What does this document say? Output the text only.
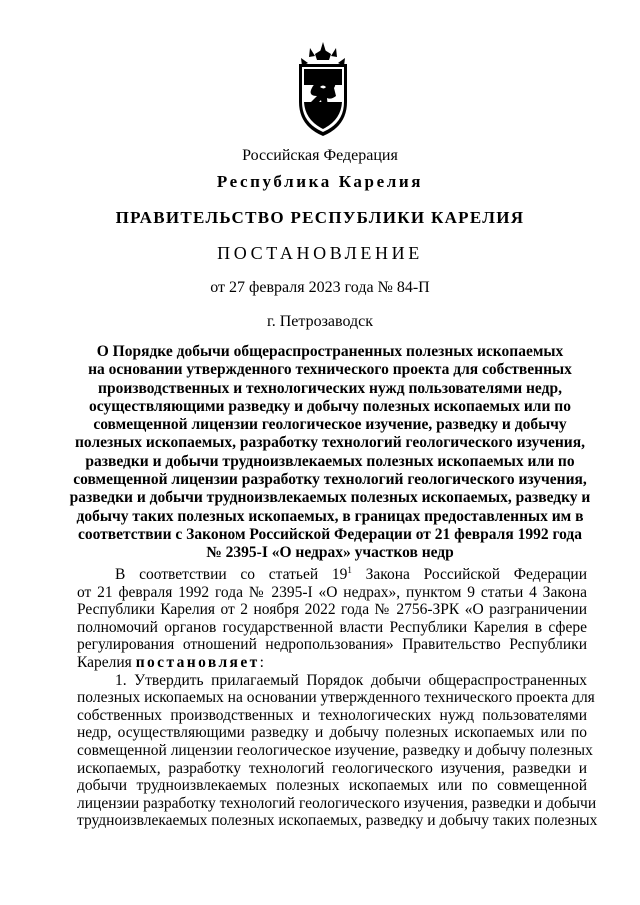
Российская Федерация
Республика Карелия
ПРАВИТЕЛЬСТВО РЕСПУБЛИКИ КАРЕЛИЯ
ПОСТАНОВЛЕНИЕ
от 27 февраля 2023 года № 84-П
г. Петрозаводск
О Порядке добычи общераспространенных полезных ископаемых
на основании утвержденного технического проекта для собственных
производственных и технологических нужд пользователями недр,
осуществляющими разведку и добычу полезных ископаемых или по
совмещенной лицензии геологическое изучение, разведку и добычу
полезных ископаемых, разработку технологий геологического изучения,
разведки и добычи трудноизвлекаемых полезных ископаемых или по
совмещенной лицензии разработку технологий геологического изучения,
разведки и добычи трудноизвлекаемых полезных ископаемых, разведку и
добычу таких полезных ископаемых, в границах предоставленных им в
соответствии с Законом Российской Федерации от 21 февраля 1992 года
№ 2395-I «О недрах» участков недр
В соответствии со статьей $19^1$ Закона Российской Федерации
от 21 февраля 1992 года № 2395-I «О недрах», пунктом 9 статьи 4 Закона
Республики Карелия от 2 ноября 2022 года № 2756-ЗРК «О разграничении
полномочий органов государственной власти Республики Карелия в сфере
регулирования отношений недропользования» Правительство Республики
Карелия постановляет:
1. Утвердить прилагаемый Порядок добычи общераспространенных
полезных ископаемых на основании утвержденного технического проекта для
собственных производственных и технологических нужд пользователями
недр, осуществляющими разведку и добычу полезных ископаемых или по
совмещенной лицензии геологическое изучение, разведку и добычу полезных
ископаемых, разработку технологий геологического изучения, разведки и
добычи трудноизвлекаемых полезных ископаемых или по совмещенной
лицензии разработку технологий геологического изучения, разведки и добычи
трудноизвлекаемых полезных ископаемых, разведку и добычу таких полезных
